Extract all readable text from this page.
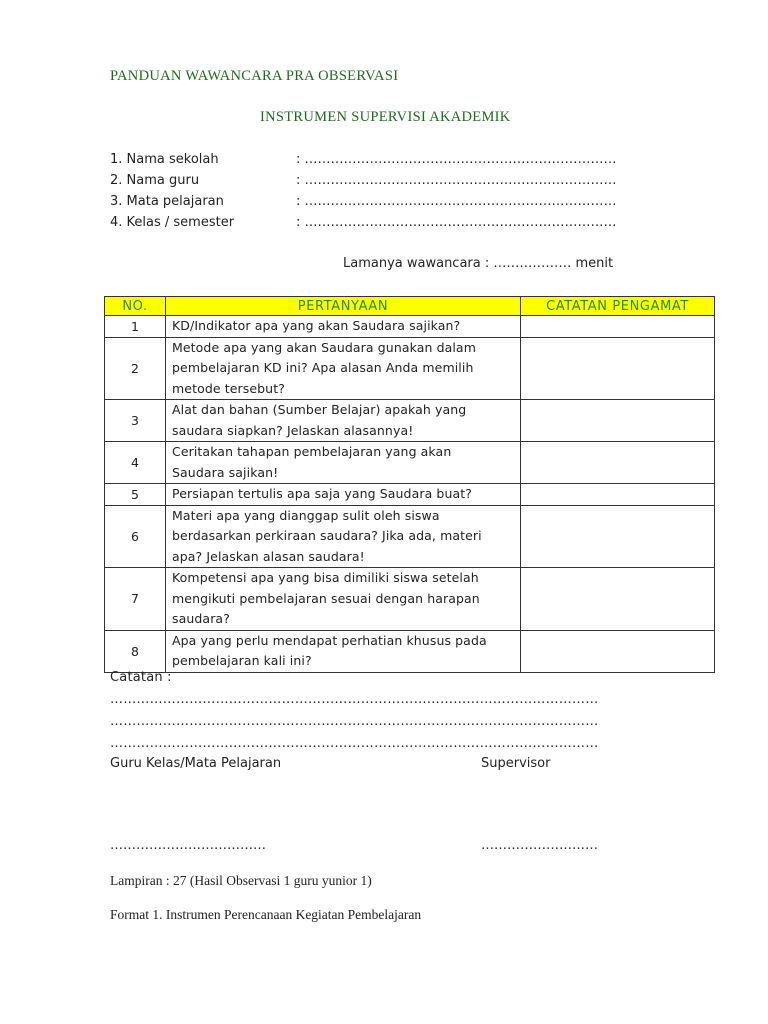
PANDUAN WAWANCARA PRA OBSERVASI
INSTRUMEN SUPERVISI AKADEMIK
1. Nama sekolah	: ………………………………………………………………
2. Nama guru	: ………………………………………………………………
3. Mata pelajaran	: ………………………………………………………………
4. Kelas / semester	: ………………………………………………………………
Lamanya wawancara : ……………… menit
NO.	PERTANYAAN	CATATAN PENGAMAT
1	KD/Indikator apa yang akan Saudara sajikan?	

2	Metode apa yang akan Saudara gunakan dalam
pembelajaran KD ini? Apa alasan Anda memilih
metode tersebut?	

3	Alat dan bahan (Sumber Belajar) apakah yang
saudara siapkan? Jelaskan alasannya!	

4	Ceritakan tahapan pembelajaran yang akan
Saudara sajikan!	

5	Persiapan tertulis apa saja yang Saudara buat?	

6	Materi apa yang dianggap sulit oleh siswa
berdasarkan perkiraan saudara? Jika ada, materi
apa? Jelaskan alasan saudara!	

7	Kompetensi apa yang bisa dimiliki siswa setelah
mengikuti pembelajaran sesuai dengan harapan
saudara?	

8	Apa yang perlu mendapat perhatian khusus pada
pembelajaran kali ini?	

Catatan :
…………………………………………………………………………………………………
…………………………………………………………………………………………………
…………………………………………………………………………………………………
Guru Kelas/Mata Pelajaran	Supervisor
………………………………	………………………
Lampiran : 27 (Hasil Observasi 1 guru yunior 1)
Format 1. Instrumen Perencanaan Kegiatan Pembelajaran
